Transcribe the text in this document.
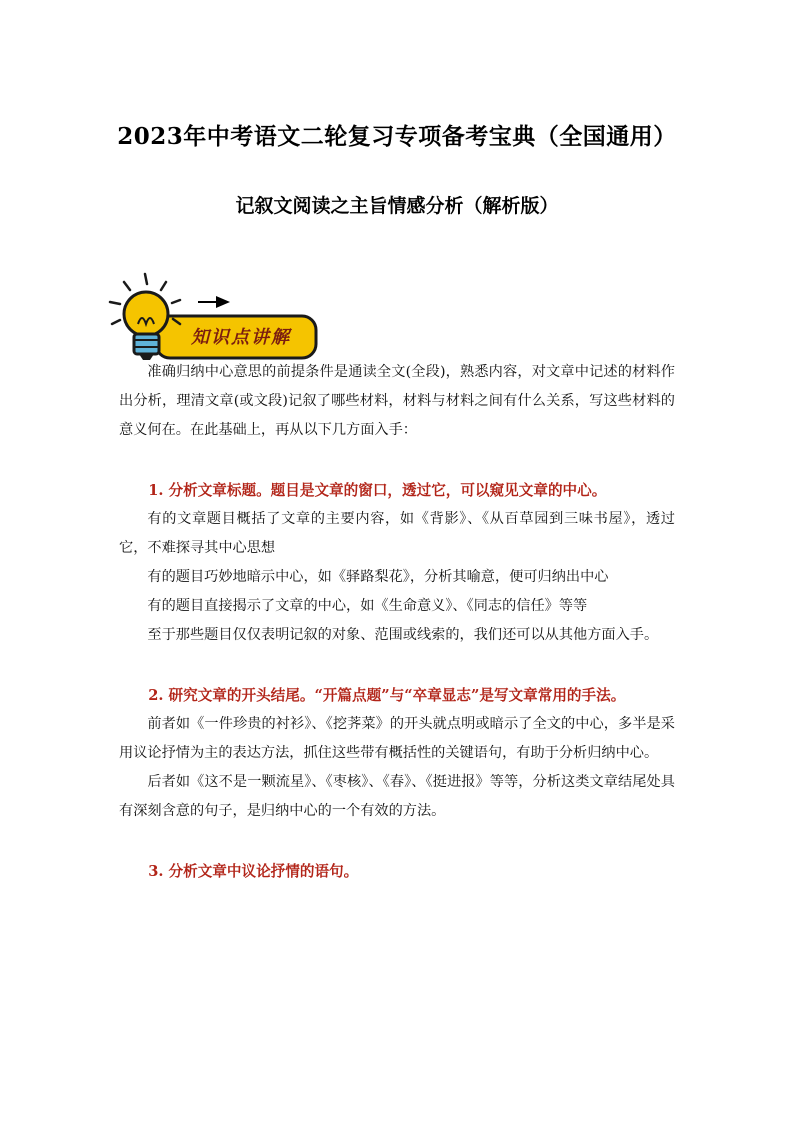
2023年中考语文二轮复习专项备考宝典（全国通用）
记叙文阅读之主旨情感分析（解析版）
知识点讲解

准确归纳中心意思的前提条件是通读全文(全段)，熟悉内容，对文章中记述的材料作出分析，理清文章(或文段)记叙了哪些材料，材料与材料之间有什么关系，写这些材料的意义何在。在此基础上，再从以下几方面入手：

1. 分析文章标题。题目是文章的窗口，透过它，可以窥见文章的中心。

有的文章题目概括了文章的主要内容，如《背影》、《从百草园到三味书屋》，透过它，不难探寻其中心思想

有的题目巧妙地暗示中心，如《驿路梨花》，分析其喻意，便可归纳出中心

有的题目直接揭示了文章的中心，如《生命意义》、《同志的信任》等等

至于那些题目仅仅表明记叙的对象、范围或线索的，我们还可以从其他方面入手。

2. 研究文章的开头结尾。“开篇点题”与“卒章显志”是写文章常用的手法。

前者如《一件珍贵的衬衫》、《挖荠菜》的开头就点明或暗示了全文的中心，多半是采用议论抒情为主的表达方法，抓住这些带有概括性的关键语句，有助于分析归纳中心。

后者如《这不是一颗流星》、《枣核》、《春》、《挺进报》等等，分析这类文章结尾处具有深刻含意的句子，是归纳中心的一个有效的方法。

3. 分析文章中议论抒情的语句。
